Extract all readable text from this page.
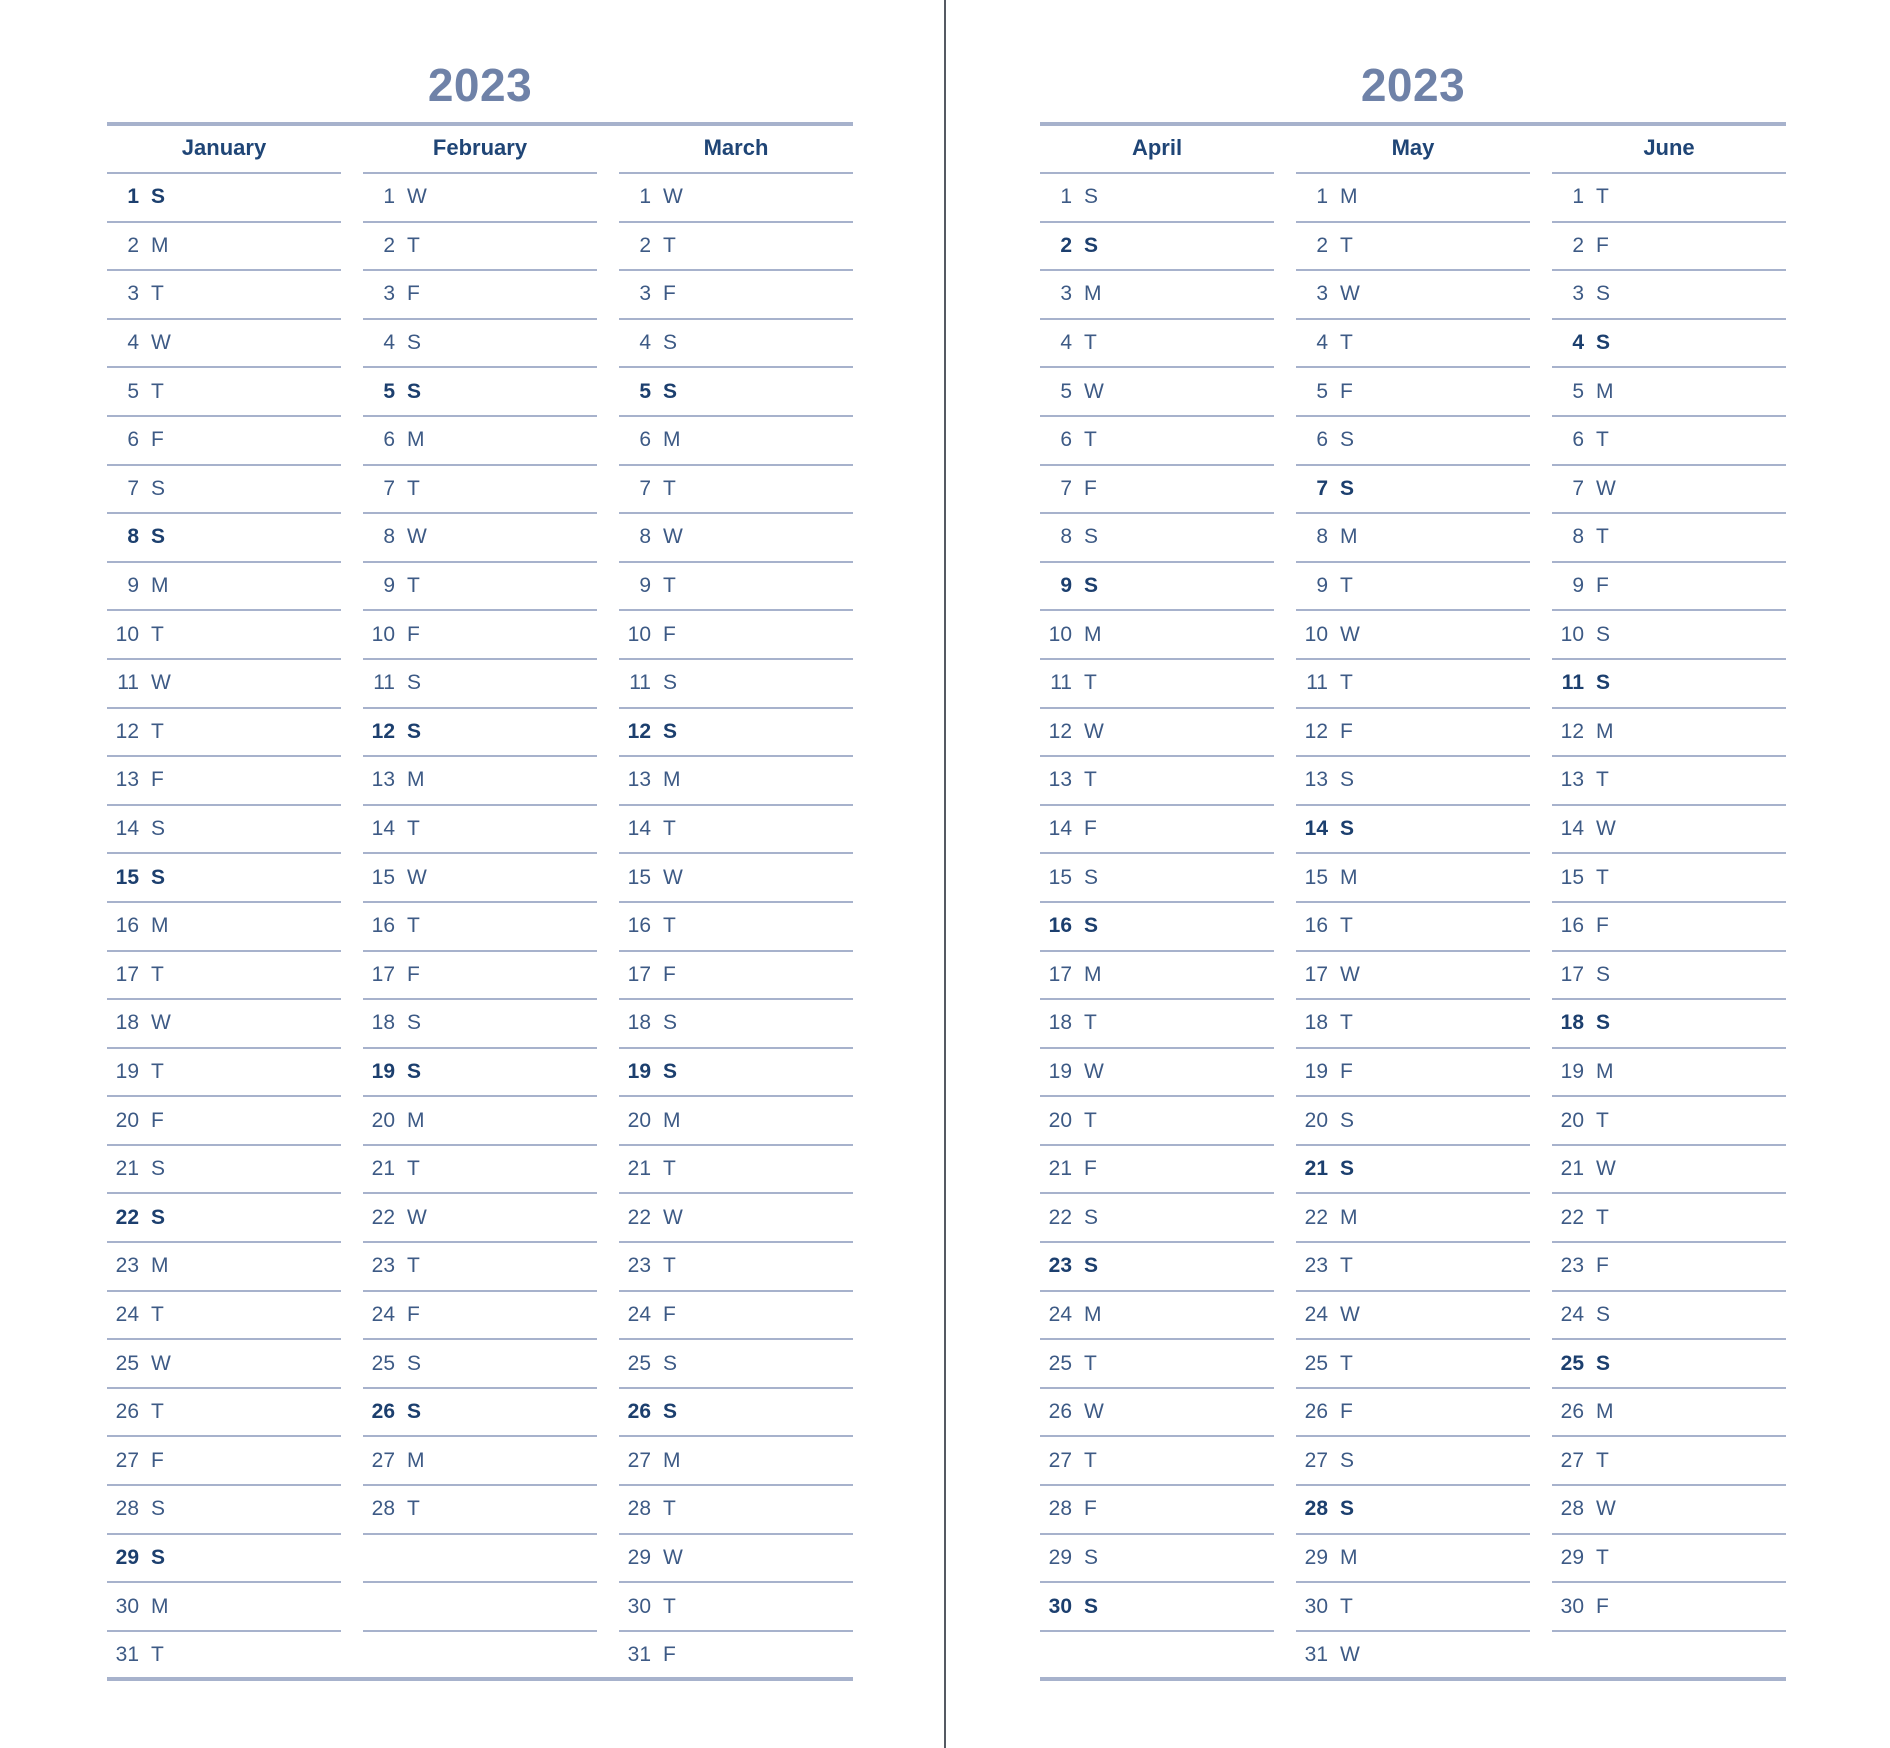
2023
January
1 S
2 M
3 T
4 W
5 T
6 F
7 S
8 S
9 M
10 T
11 W
12 T
13 F
14 S
15 S
16 M
17 T
18 W
19 T
20 F
21 S
22 S
23 M
24 T
25 W
26 T
27 F
28 S
29 S
30 M
31 T
February
1 W
2 T
3 F
4 S
5 S
6 M
7 T
8 W
9 T
10 F
11 S
12 S
13 M
14 T
15 W
16 T
17 F
18 S
19 S
20 M
21 T
22 W
23 T
24 F
25 S
26 S
27 M
28 T
March
1 W
2 T
3 F
4 S
5 S
6 M
7 T
8 W
9 T
10 F
11 S
12 S
13 M
14 T
15 W
16 T
17 F
18 S
19 S
20 M
21 T
22 W
23 T
24 F
25 S
26 S
27 M
28 T
29 W
30 T
31 F
2023
April
1 S
2 S
3 M
4 T
5 W
6 T
7 F
8 S
9 S
10 M
11 T
12 W
13 T
14 F
15 S
16 S
17 M
18 T
19 W
20 T
21 F
22 S
23 S
24 M
25 T
26 W
27 T
28 F
29 S
30 S
May
1 M
2 T
3 W
4 T
5 F
6 S
7 S
8 M
9 T
10 W
11 T
12 F
13 S
14 S
15 M
16 T
17 W
18 T
19 F
20 S
21 S
22 M
23 T
24 W
25 T
26 F
27 S
28 S
29 M
30 T
31 W
June
1 T
2 F
3 S
4 S
5 M
6 T
7 W
8 T
9 F
10 S
11 S
12 M
13 T
14 W
15 T
16 F
17 S
18 S
19 M
20 T
21 W
22 T
23 F
24 S
25 S
26 M
27 T
28 W
29 T
30 F
